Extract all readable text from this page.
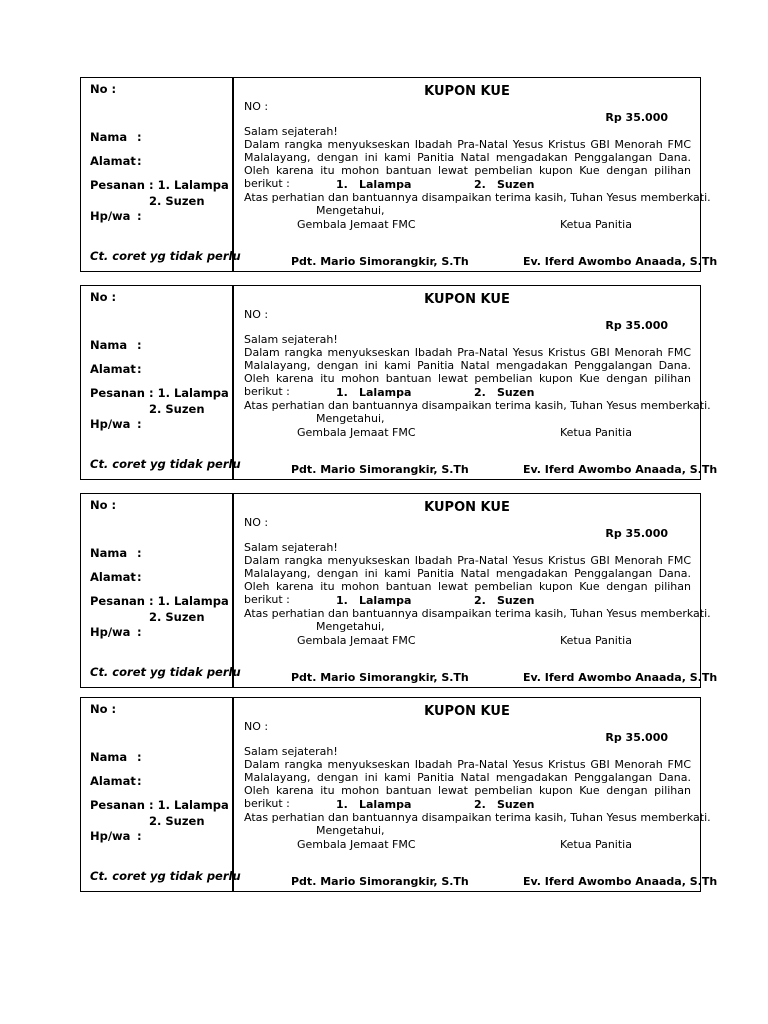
No :
Nama :
Alamat :
Pesanan : 1. Lalampa
2. Suzen
Hp/wa :
Ct. coret yg tidak perlu
KUPON KUE
NO :
Rp 35.000
Salam sejaterah!
Dalam rangka menyukseskan Ibadah Pra-Natal Yesus Kristus GBI Menorah FMC Malalayang, dengan ini kami Panitia Natal mengadakan Penggalangan Dana. Oleh karena itu mohon bantuan lewat pembelian kupon Kue dengan pilihan berikut :	1. Lalampa	2. Suzen
Atas perhatian dan bantuannya disampaikan terima kasih, Tuhan Yesus memberkati.
Mengetahui,
Gembala Jemaat FMC	Ketua Panitia
Pdt. Mario Simorangkir, S.Th	Ev. Iferd Awombo Anaada, S.Th
No :
Nama :
Alamat :
Pesanan : 1. Lalampa
2. Suzen
Hp/wa :
Ct. coret yg tidak perlu
KUPON KUE
NO :
Rp 35.000
Salam sejaterah!
Dalam rangka menyukseskan Ibadah Pra-Natal Yesus Kristus GBI Menorah FMC Malalayang, dengan ini kami Panitia Natal mengadakan Penggalangan Dana. Oleh karena itu mohon bantuan lewat pembelian kupon Kue dengan pilihan berikut :	1. Lalampa	2. Suzen
Atas perhatian dan bantuannya disampaikan terima kasih, Tuhan Yesus memberkati.
Mengetahui,
Gembala Jemaat FMC	Ketua Panitia
Pdt. Mario Simorangkir, S.Th	Ev. Iferd Awombo Anaada, S.Th
No :
Nama :
Alamat :
Pesanan : 1. Lalampa
2. Suzen
Hp/wa :
Ct. coret yg tidak perlu
KUPON KUE
NO :
Rp 35.000
Salam sejaterah!
Dalam rangka menyukseskan Ibadah Pra-Natal Yesus Kristus GBI Menorah FMC Malalayang, dengan ini kami Panitia Natal mengadakan Penggalangan Dana. Oleh karena itu mohon bantuan lewat pembelian kupon Kue dengan pilihan berikut :	1. Lalampa	2. Suzen
Atas perhatian dan bantuannya disampaikan terima kasih, Tuhan Yesus memberkati.
Mengetahui,
Gembala Jemaat FMC	Ketua Panitia
Pdt. Mario Simorangkir, S.Th	Ev. Iferd Awombo Anaada, S.Th
No :
Nama :
Alamat :
Pesanan : 1. Lalampa
2. Suzen
Hp/wa :
Ct. coret yg tidak perlu
KUPON KUE
NO :
Rp 35.000
Salam sejaterah!
Dalam rangka menyukseskan Ibadah Pra-Natal Yesus Kristus GBI Menorah FMC Malalayang, dengan ini kami Panitia Natal mengadakan Penggalangan Dana. Oleh karena itu mohon bantuan lewat pembelian kupon Kue dengan pilihan berikut :	1. Lalampa	2. Suzen
Atas perhatian dan bantuannya disampaikan terima kasih, Tuhan Yesus memberkati.
Mengetahui,
Gembala Jemaat FMC	Ketua Panitia
Pdt. Mario Simorangkir, S.Th	Ev. Iferd Awombo Anaada, S.Th
